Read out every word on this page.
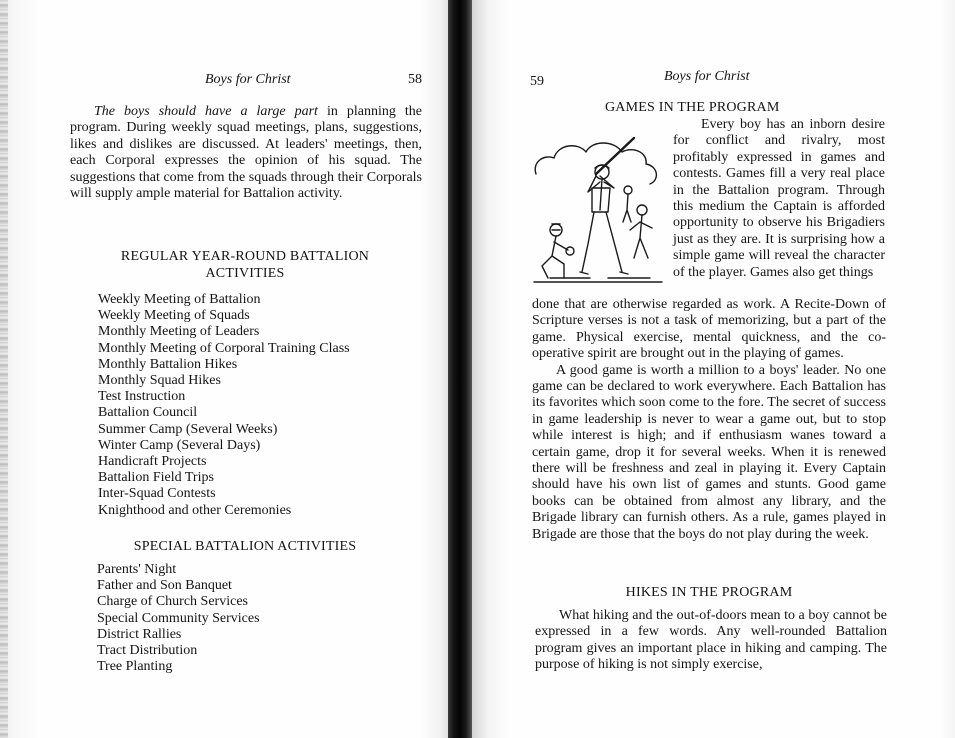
Boys for Christ	58

The boys should have a large part in planning the program. During weekly squad meetings, plans, suggestions, likes and dislikes are discussed. At leaders' meetings, then, each Corporal expresses the opinion of his squad. The suggestions that come from the squads through their Corporals will supply ample material for Battalion activity.

REGULAR YEAR-ROUND BATTALION
ACTIVITIES
Weekly Meeting of Battalion
Weekly Meeting of Squads
Monthly Meeting of Leaders
Monthly Meeting of Corporal Training Class
Monthly Battalion Hikes
Monthly Squad Hikes
Test Instruction
Battalion Council
Summer Camp (Several Weeks)
Winter Camp (Several Days)
Handicraft Projects
Battalion Field Trips
Inter-Squad Contests
Knighthood and other Ceremonies
SPECIAL BATTALION ACTIVITIES
Parents' Night
Father and Son Banquet
Charge of Church Services
Special Community Services
District Rallies
Tract Distribution
Tree Planting
59	Boys for Christ
GAMES IN THE PROGRAM

Every boy has an inborn desire for conflict and rivalry, most profitably expressed in games and contests. Games fill a very real place in the Battalion program. Through this medium the Captain is afforded opportunity to observe his Brigadiers just as they are. It is surprising how a simple game will reveal the character of the player. Games also get things

done that are otherwise regarded as work. A Recite-Down of Scripture verses is not a task of memorizing, but a part of the game. Physical exercise, mental quickness, and the co-operative spirit are brought out in the playing of games.

A good game is worth a million to a boys' leader. No one game can be declared to work everywhere. Each Battalion has its favorites which soon come to the fore. The secret of success in game leadership is never to wear a game out, but to stop while interest is high; and if enthusiasm wanes toward a certain game, drop it for several weeks. When it is renewed there will be freshness and zeal in playing it. Every Captain should have his own list of games and stunts. Good game books can be obtained from almost any library, and the Brigade library can furnish others. As a rule, games played in Brigade are those that the boys do not play during the week.

HIKES IN THE PROGRAM

What hiking and the out-of-doors mean to a boy cannot be expressed in a few words. Any well-rounded Battalion program gives an important place in hiking and camping. The purpose of hiking is not simply exercise,
